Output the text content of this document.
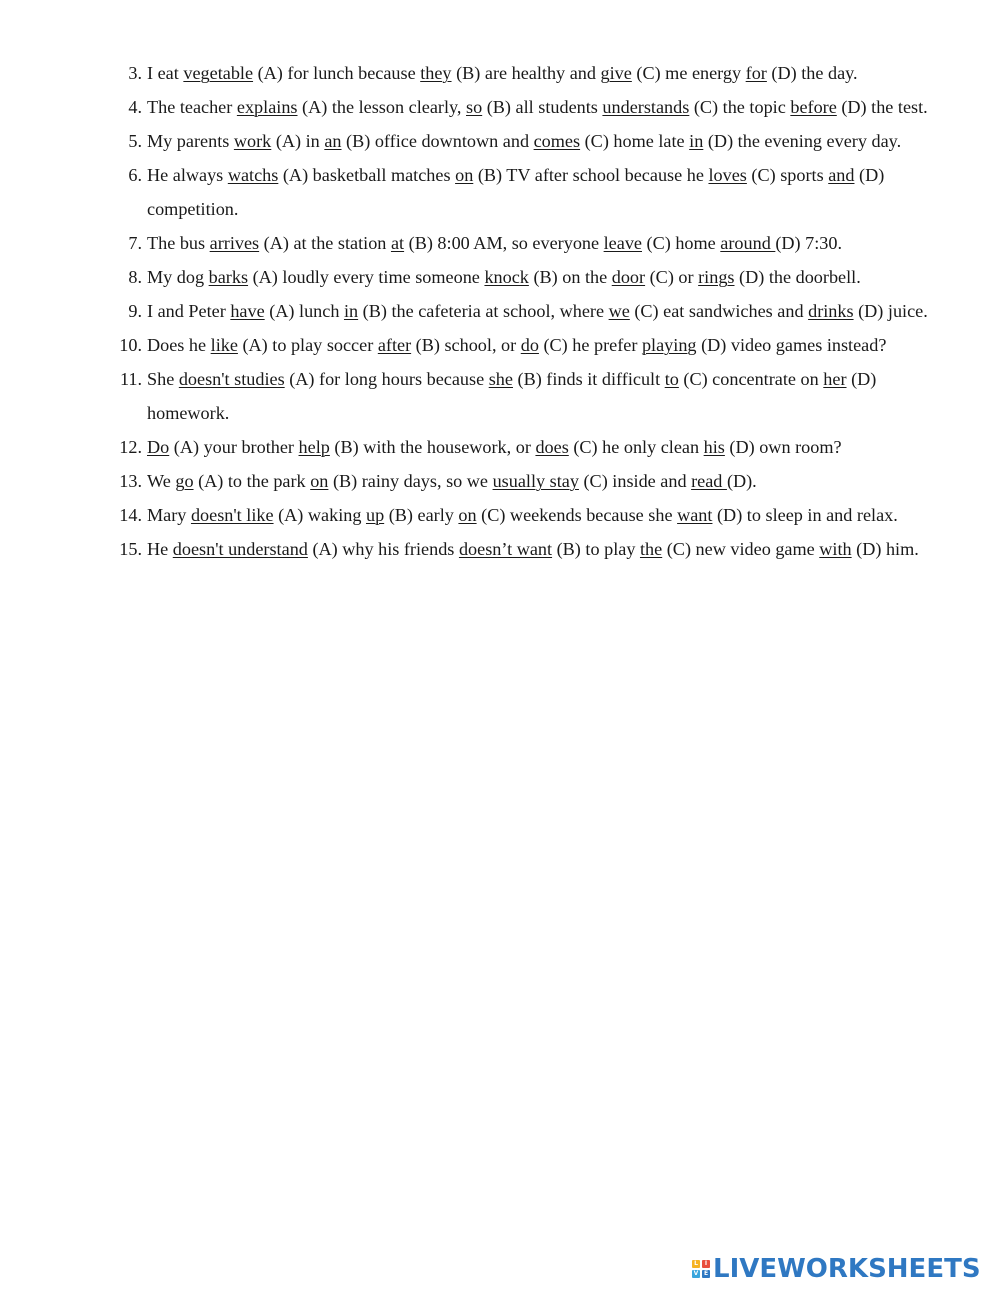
3. I eat vegetable (A) for lunch because they (B) are healthy and give (C) me energy for (D) the day.
4. The teacher explains (A) the lesson clearly, so (B) all students understands (C) the topic before (D) the test.
5. My parents work (A) in an (B) office downtown and comes (C) home late in (D) the evening every day.
6. He always watchs (A) basketball matches on (B) TV after school because he loves (C) sports and (D) competition.
7. The bus arrives (A) at the station at (B) 8:00 AM, so everyone leave (C) home around (D) 7:30.
8. My dog barks (A) loudly every time someone knock (B) on the door (C) or rings (D) the doorbell.
9. I and Peter have (A) lunch in (B) the cafeteria at school, where we (C) eat sandwiches and drinks (D) juice.
10. Does he like (A) to play soccer after (B) school, or do (C) he prefer playing (D) video games instead?
11. She doesn't studies (A) for long hours because she (B) finds it difficult to (C) concentrate on her (D) homework.
12. Do (A) your brother help (B) with the housework, or does (C) he only clean his (D) own room?
13. We go (A) to the park on (B) rainy days, so we usually stay (C) inside and read (D).
14. Mary doesn't like (A) waking up (B) early on (C) weekends because she want (D) to sleep in and relax.
15. He doesn't understand (A) why his friends doesn’t want (B) to play the (C) new video game with (D) him.
L	I
V E LIVEWORKSHEETS
